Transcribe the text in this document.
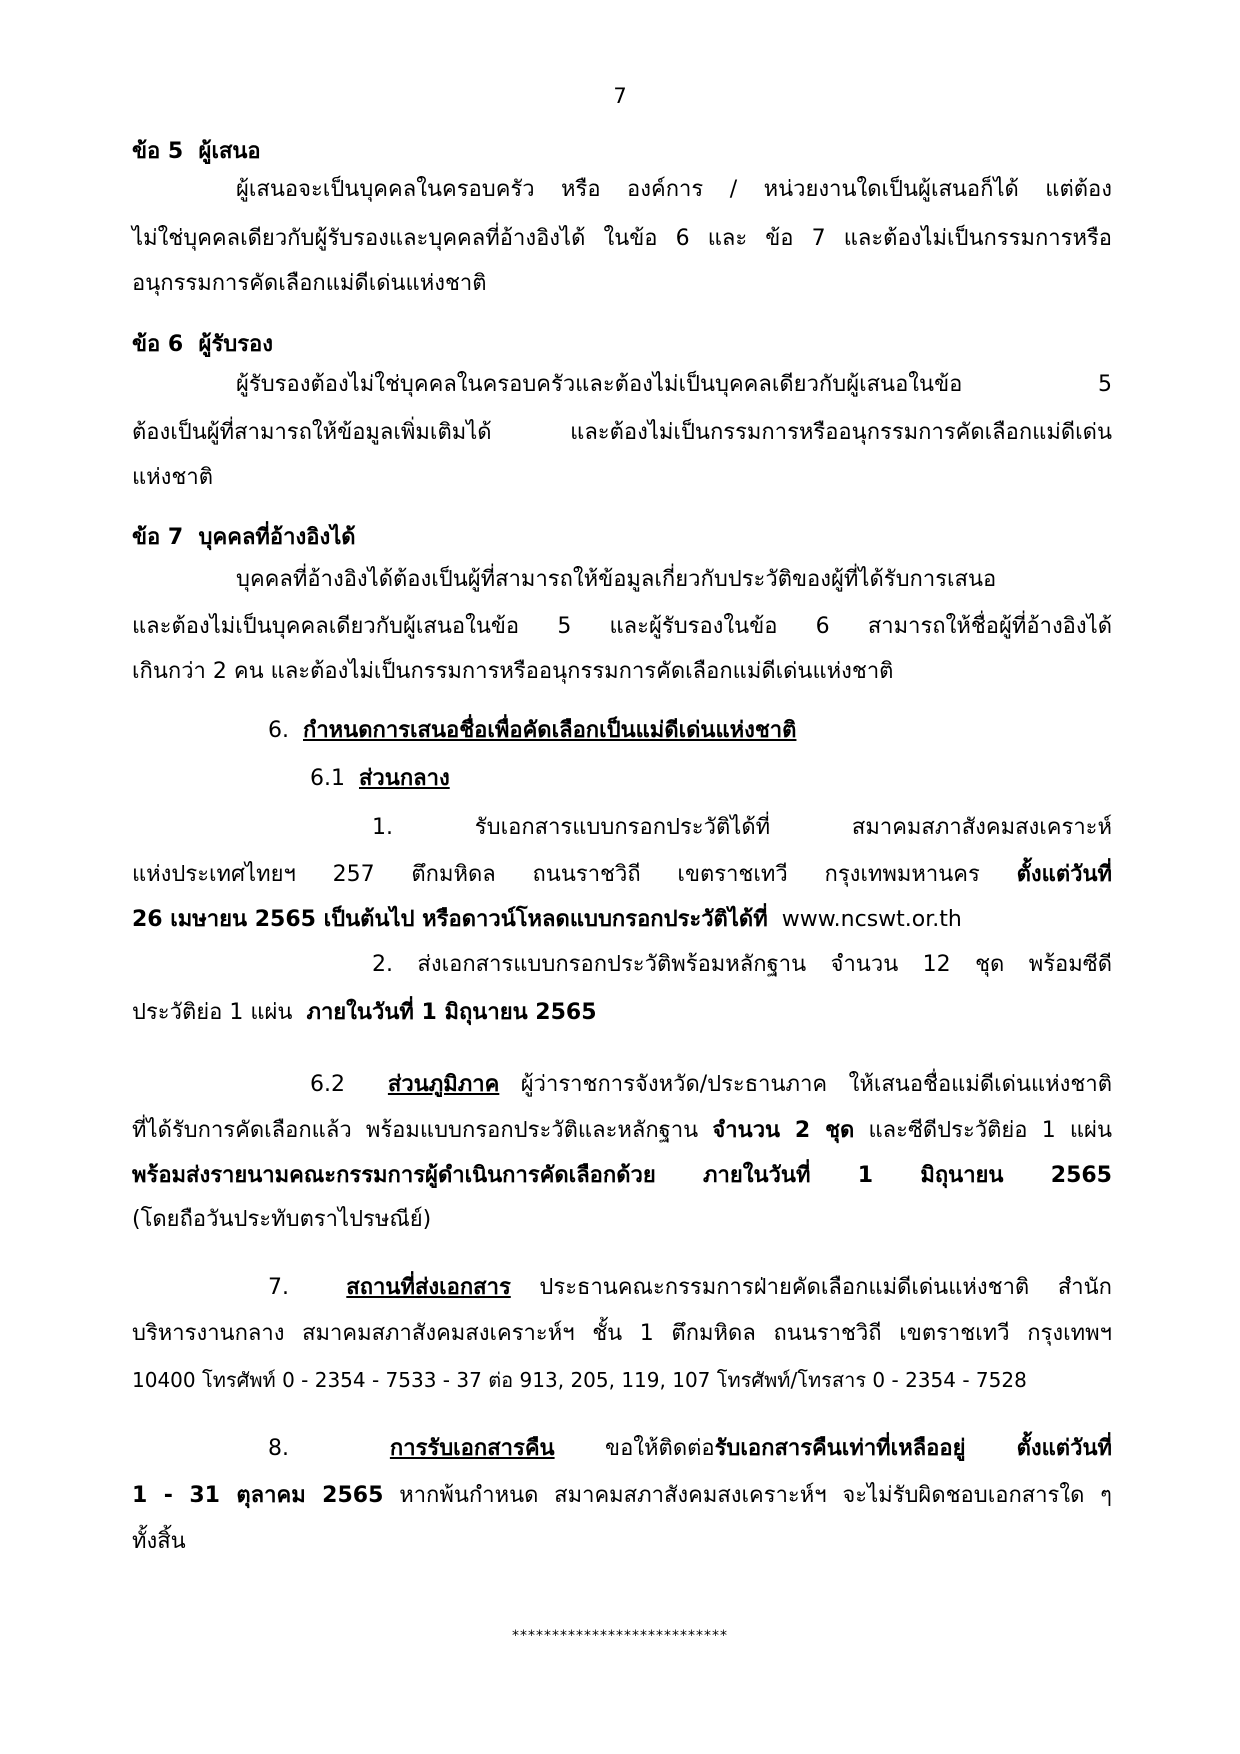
7
ข้อ 5 ผู้เสนอ
ผู้เสนอจะเป็นบุคคลในครอบครัว หรือ องค์การ / หน่วยงานใดเป็นผู้เสนอก็ได้ แต่ต้อง
ไม่ใช่บุคคลเดียวกับผู้รับรองและบุคคลที่อ้างอิงได้ ในข้อ 6 และ ข้อ 7 และต้องไม่เป็นกรรมการหรือ
อนุกรรมการคัดเลือกแม่ดีเด่นแห่งชาติ
ข้อ 6 ผู้รับรอง
ผู้รับรองต้องไม่ใช่บุคคลในครอบครัวและต้องไม่เป็นบุคคลเดียวกับผู้เสนอในข้อ 5
ต้องเป็นผู้ที่สามารถให้ข้อมูลเพิ่มเติมได้ และต้องไม่เป็นกรรมการหรืออนุกรรมการคัดเลือกแม่ดีเด่น
แห่งชาติ
ข้อ 7 บุคคลที่อ้างอิงได้
บุคคลที่อ้างอิงได้ต้องเป็นผู้ที่สามารถให้ข้อมูลเกี่ยวกับประวัติของผู้ที่ได้รับการเสนอ
และต้องไม่เป็นบุคคลเดียวกับผู้เสนอในข้อ 5 และผู้รับรองในข้อ 6 สามารถให้ชื่อผู้ที่อ้างอิงได้
เกินกว่า 2 คน และต้องไม่เป็นกรรมการหรืออนุกรรมการคัดเลือกแม่ดีเด่นแห่งชาติ
6. กำหนดการเสนอชื่อเพื่อคัดเลือกเป็นแม่ดีเด่นแห่งชาติ
6.1 ส่วนกลาง
1. รับเอกสารแบบกรอกประวัติได้ที่ สมาคมสภาสังคมสงเคราะห์
แห่งประเทศไทยฯ 257 ตึกมหิดล ถนนราชวิถี เขตราชเทวี กรุงเทพมหานคร ตั้งแต่วันที่
26 เมษายน 2565 เป็นต้นไป หรือดาวน์โหลดแบบกรอกประวัติได้ที่ www.ncswt.or.th
2. ส่งเอกสารแบบกรอกประวัติพร้อมหลักฐาน จำนวน 12 ชุด พร้อมซีดี
ประวัติย่อ 1 แผ่น ภายในวันที่ 1 มิถุนายน 2565
6.2 ส่วนภูมิภาค ผู้ว่าราชการจังหวัด/ประธานภาค ให้เสนอชื่อแม่ดีเด่นแห่งชาติ
ที่ได้รับการคัดเลือกแล้ว พร้อมแบบกรอกประวัติและหลักฐาน จำนวน 2 ชุด และซีดีประวัติย่อ 1 แผ่น
พร้อมส่งรายนามคณะกรรมการผู้ดำเนินการคัดเลือกด้วย ภายในวันที่ 1 มิถุนายน 2565
(โดยถือวันประทับตราไปรษณีย์)
7.	สถานที่ส่งเอกสาร ประธานคณะกรรมการฝ่ายคัดเลือกแม่ดีเด่นแห่งชาติ สำนัก
บริหารงานกลาง สมาคมสภาสังคมสงเคราะห์ฯ ชั้น 1 ตึกมหิดล ถนนราชวิถี เขตราชเทวี กรุงเทพฯ
10400 โทรศัพท์ 0 - 2354 - 7533 - 37 ต่อ 913, 205, 119, 107 โทรศัพท์/โทรสาร 0 - 2354 - 7528
8.	การรับเอกสารคืน ขอให้ติดต่อรับเอกสารคืนเท่าที่เหลืออยู่ ตั้งแต่วันที่
1 - 31 ตุลาคม 2565 หากพ้นกำหนด สมาคมสภาสังคมสงเคราะห์ฯ จะไม่รับผิดชอบเอกสารใด ๆ
ทั้งสิ้น
***************************
